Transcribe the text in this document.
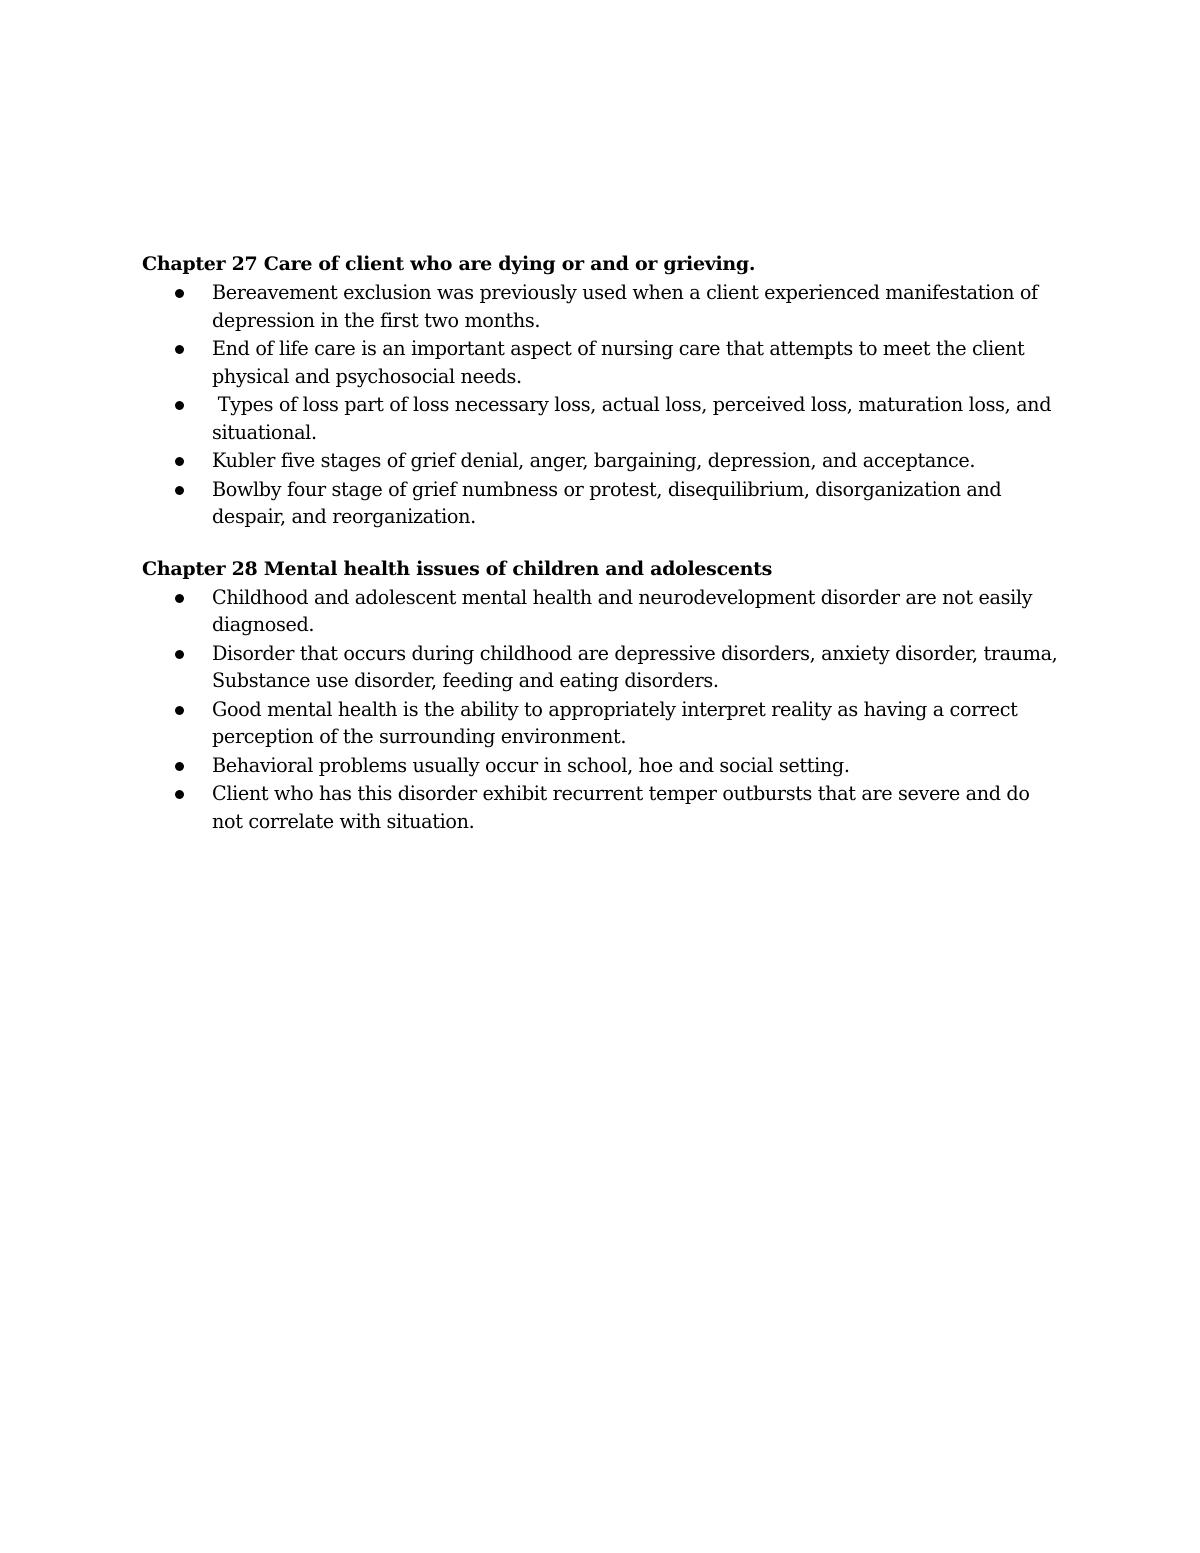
Chapter 27 Care of client who are dying or and or grieving.
Bereavement exclusion was previously used when a client experienced manifestation of depression in the first two months.
End of life care is an important aspect of nursing care that attempts to meet the client physical and psychosocial needs.
Types of loss part of loss necessary loss, actual loss, perceived loss, maturation loss, and situational.
Kubler five stages of grief denial, anger, bargaining, depression, and acceptance.
Bowlby four stage of grief numbness or protest, disequilibrium, disorganization and despair, and reorganization.
Chapter 28 Mental health issues of children and adolescents
Childhood and adolescent mental health and neurodevelopment disorder are not easily diagnosed.
Disorder that occurs during childhood are depressive disorders, anxiety disorder, trauma, Substance use disorder, feeding and eating disorders.
Good mental health is the ability to appropriately interpret reality as having a correct perception of the surrounding environment.
Behavioral problems usually occur in school, hoe and social setting.
Client who has this disorder exhibit recurrent temper outbursts that are severe and do not correlate with situation.
